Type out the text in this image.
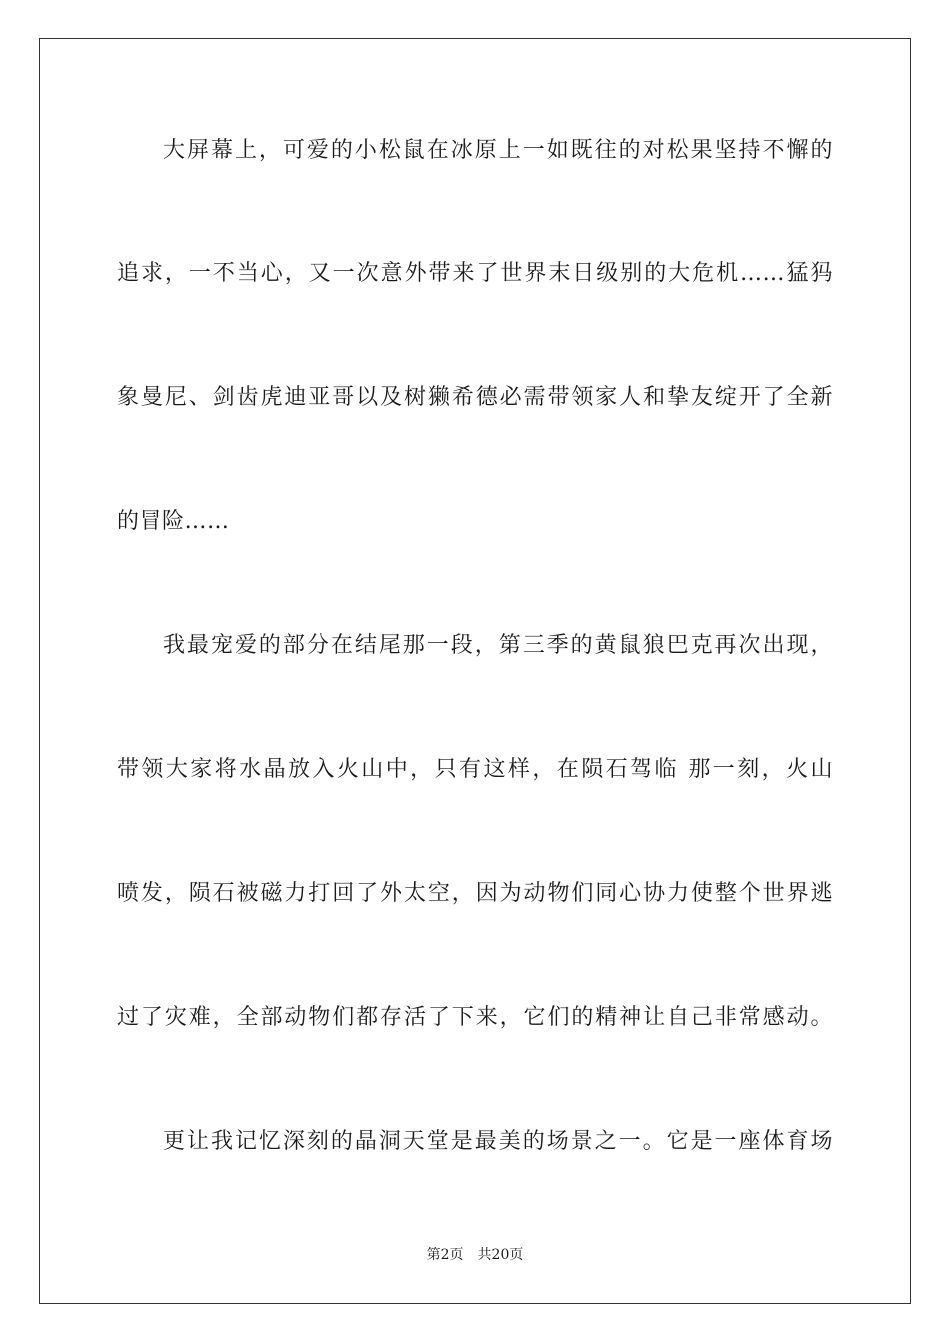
大屏幕上，可爱的小松鼠在冰原上一如既往的对松果坚持不懈的
追求，一不当心，又一次意外带来了世界末日级别的大危机……猛犸
象曼尼、剑齿虎迪亚哥以及树獭希德必需带领家人和挚友绽开了全新
的冒险……
我最宠爱的部分在结尾那一段，第三季的黄鼠狼巴克再次出现，
带领大家将水晶放入火山中，只有这样，在陨石驾临 那一刻，火山
喷发，陨石被磁力打回了外太空，因为动物们同心协力使整个世界逃
过了灾难，全部动物们都存活了下来，它们的精神让自己非常感动。
更让我记忆深刻的晶洞天堂是最美的场景之一。它是一座体育场
第2页 共20页
